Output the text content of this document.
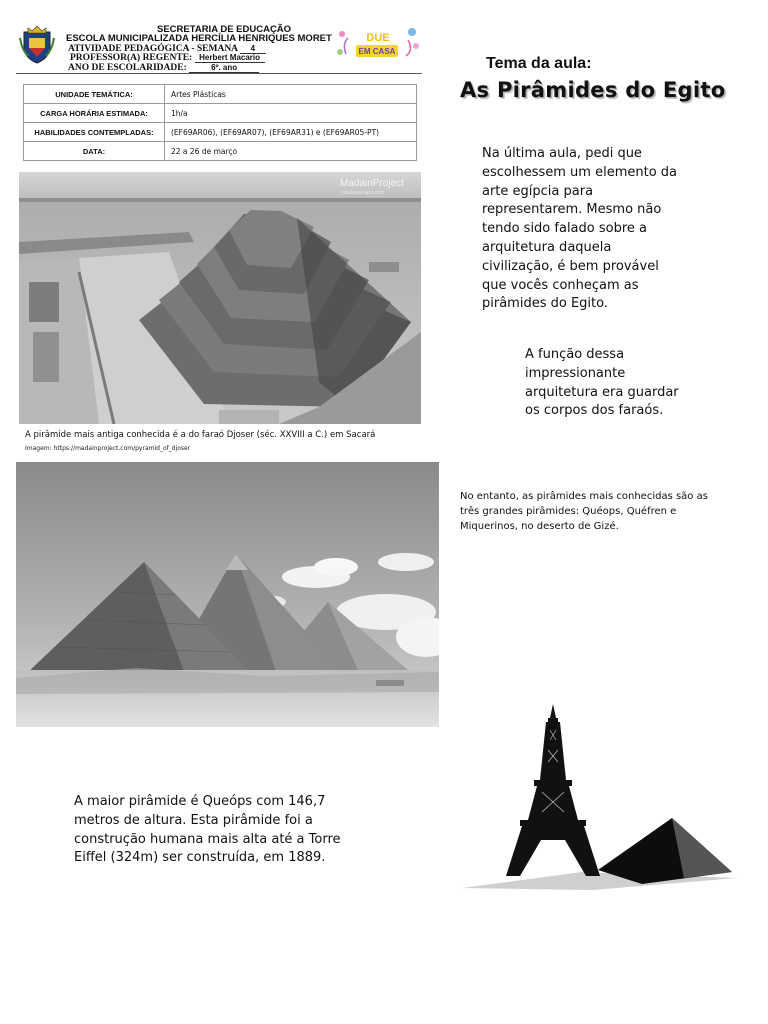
SECRETARIA DE EDUCAÇÃO
ESCOLA MUNICIPALIZADA HERCÍLIA HENRIQUES MORET
ATIVIDADE PEDAGÓGICA - SEMANA 4
PROFESSOR(A) REGENTE: Herbert Macario
ANO DE ESCOLARIDADE:	6º. ano
DUE
EM CASA
UNIDADE TEMÁTICA:	Artes Plásticas
CARGA HORÁRIA ESTIMADA:	1h/a
HABILIDADES CONTEMPLADAS:	(EF69AR06), (EF69AR07), (EF69AR31) e (EF69AR05-PT)
DATA:	22 a 26 de março
Tema da aula:
As Pirâmides do Egito
Na última aula, pedi que escolhessem um elemento da arte egípcia para representarem. Mesmo não tendo sido falado sobre a arquitetura daquela civilização, é bem provável que vocês conheçam as pirâmides do Egito.
A função dessa impressionante arquitetura era guardar os corpos dos faraós.
No entanto, as pirâmides mais conhecidas são as três grandes pirâmides: Quéops, Quéfren e Miquerinos, no deserto de Gizé.
MadainProject
madainproject.com
A pirâmide mais antiga conhecida é a do faraó Djoser (séc. XXVIII a C.) em Sacará
Imagem: https://madainproject.com/pyramid_of_djoser
A maior pirâmide é Queóps com 146,7 metros de altura. Esta pirâmide foi a construção humana mais alta até a Torre Eiffel (324m) ser construída, em 1889.
